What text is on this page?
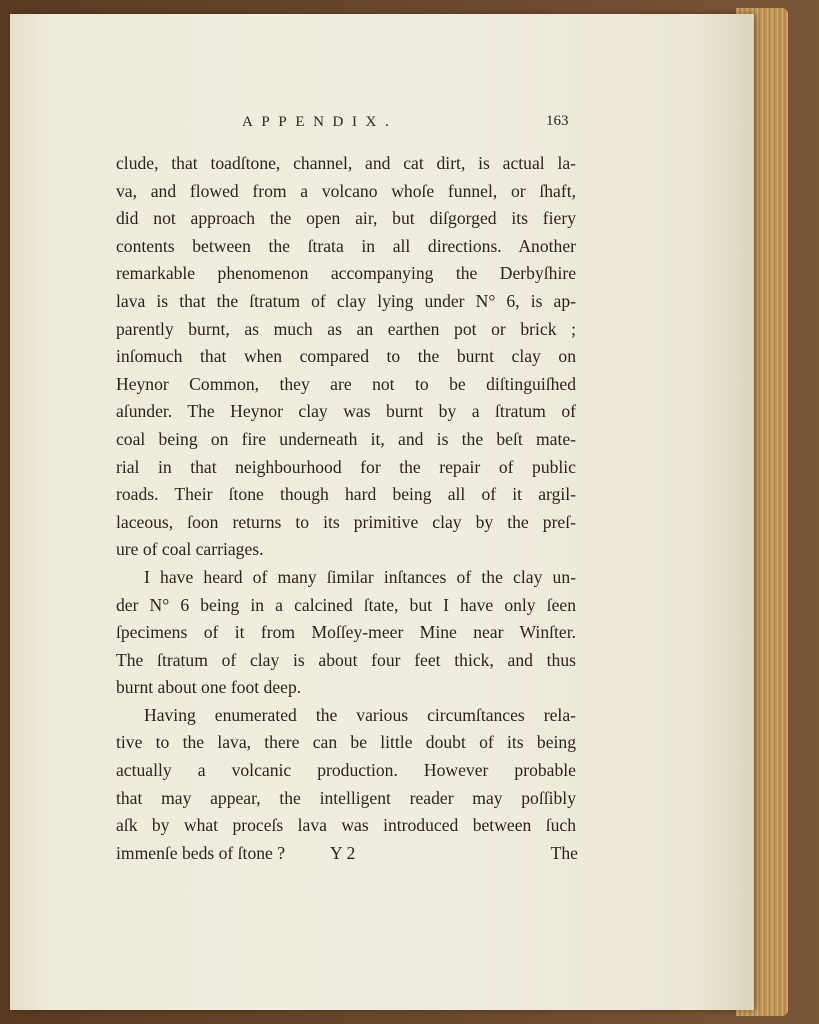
APPENDIX.	163
clude, that toadſtone, channel, and cat dirt, is actual la-
va, and flowed from a volcano whoſe funnel, or ſhaft,
did not approach the open air, but diſgorged its fiery
contents between the ſtrata in all directions. Another
remarkable phenomenon accompanying the Derbyſhire
lava is that the ſtratum of clay lying under N° 6, is ap-
parently burnt, as much as an earthen pot or brick ;
inſomuch that when compared to the burnt clay on
Heynor Common, they are not to be diſtinguiſhed
aſunder. The Heynor clay was burnt by a ſtratum of
coal being on fire underneath it, and is the beſt mate-
rial in that neighbourhood for the repair of public
roads. Their ſtone though hard being all of it argil-
laceous, ſoon returns to its primitive clay by the preſ-
ure of coal carriages.
I have heard of many ſimilar inſtances of the clay un-
der N° 6 being in a calcined ſtate, but I have only ſeen
ſpecimens of it from Moſſey-meer Mine near Winſter.
The ſtratum of clay is about four feet thick, and thus
burnt about one foot deep.
Having enumerated the various circumſtances rela-
tive to the lava, there can be little doubt of its being
actually a volcanic production. However probable
that may appear, the intelligent reader may poſſibly
aſk by what proceſs lava was introduced between ſuch
immenſe beds of ſtone ?	Y 2	The
